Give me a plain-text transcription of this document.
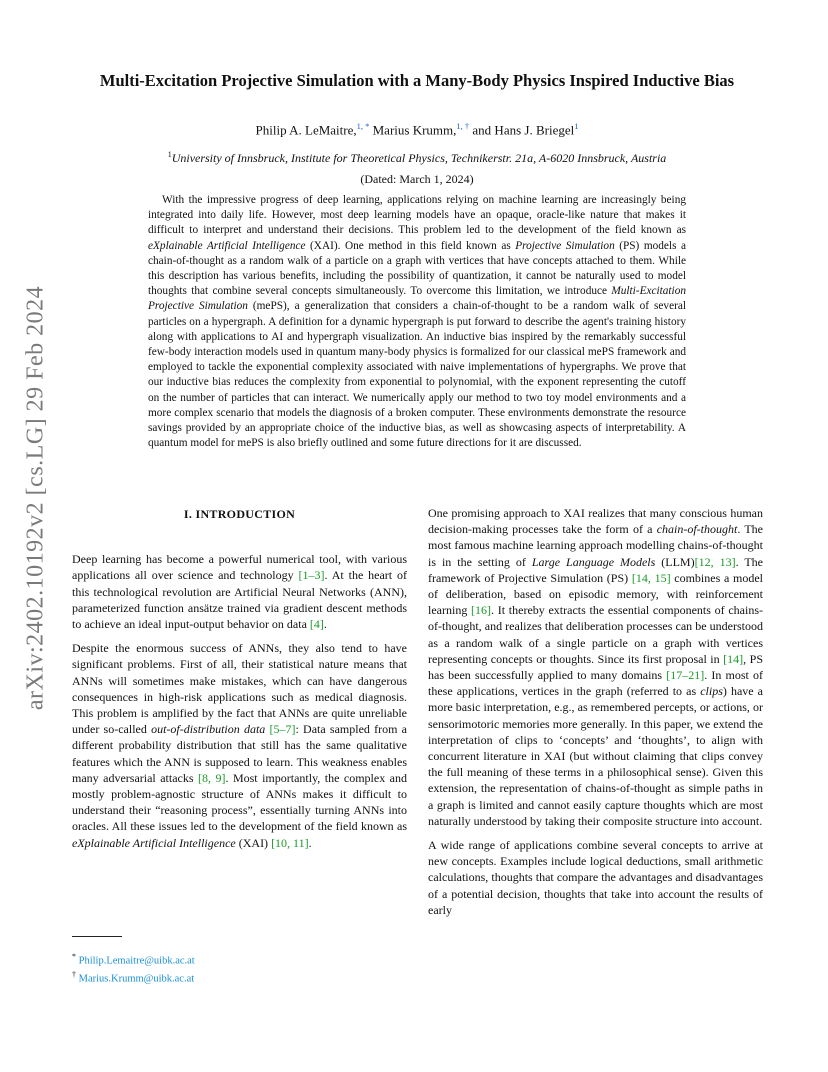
arXiv:2402.10192v2 [cs.LG] 29 Feb 2024
Multi-Excitation Projective Simulation with a Many-Body Physics Inspired Inductive Bias
Philip A. LeMaitre,$^{1, *}$ Marius Krumm,$^{1, \dagger}$ and Hans J. Briegel$^1$
$^1$University of Innsbruck, Institute for Theoretical Physics, Technikerstr. 21a, A-6020 Innsbruck, Austria
(Dated: March 1, 2024)

With the impressive progress of deep learning, applications relying on machine learning are increasingly being integrated into daily life. However, most deep learning models have an opaque, oracle-like nature that makes it difficult to interpret and understand their decisions. This problem led to the development of the field known as eXplainable Artificial Intelligence (XAI). One method in this field known as Projective Simulation (PS) models a chain-of-thought as a random walk of a particle on a graph with vertices that have concepts attached to them. While this description has various benefits, including the possibility of quantization, it cannot be naturally used to model thoughts that combine several concepts simultaneously. To overcome this limitation, we introduce Multi-Excitation Projective Simulation (mePS), a generalization that considers a chain-of-thought to be a random walk of several particles on a hypergraph. A definition for a dynamic hypergraph is put forward to describe the agent's training history along with applications to AI and hypergraph visualization. An inductive bias inspired by the remarkably successful few-body interaction models used in quantum many-body physics is formalized for our classical mePS framework and employed to tackle the exponential complexity associated with naive implementations of hypergraphs. We prove that our inductive bias reduces the complexity from exponential to polynomial, with the exponent representing the cutoff on the number of particles that can interact. We numerically apply our method to two toy model environments and a more complex scenario that models the diagnosis of a broken computer. These environments demonstrate the resource savings provided by an appropriate choice of the inductive bias, as well as showcasing aspects of interpretability. A quantum model for mePS is also briefly outlined and some future directions for it are discussed.

I. INTRODUCTION

Deep learning has become a powerful numerical tool, with various applications all over science and technology [1–3]. At the heart of this technological revolution are Artificial Neural Networks (ANN), parameterized function ansätze trained via gradient descent methods to achieve an ideal input-output behavior on data [4].

Despite the enormous success of ANNs, they also tend to have significant problems. First of all, their statistical nature means that ANNs will sometimes make mistakes, which can have dangerous consequences in high-risk applications such as medical diagnosis. This problem is amplified by the fact that ANNs are quite unreliable under so-called out-of-distribution data [5–7]: Data sampled from a different probability distribution that still has the same qualitative features which the ANN is supposed to learn. This weakness enables many adversarial attacks [8, 9]. Most importantly, the complex and mostly problem-agnostic structure of ANNs makes it difficult to understand their “reasoning process”, essentially turning ANNs into oracles. All these issues led to the development of the field known as eXplainable Artificial Intelligence (XAI) [10, 11].

One promising approach to XAI realizes that many conscious human decision-making processes take the form of a chain-of-thought. The most famous machine learning approach modelling chains-of-thought is in the setting of Large Language Models (LLM)[12, 13]. The framework of Projective Simulation (PS) [14, 15] combines a model of deliberation, based on episodic memory, with reinforcement learning [16]. It thereby extracts the essential components of chains-of-thought, and realizes that deliberation processes can be understood as a random walk of a single particle on a graph with vertices representing concepts or thoughts. Since its first proposal in [14], PS has been successfully applied to many domains [17–21]. In most of these applications, vertices in the graph (referred to as clips) have a more basic interpretation, e.g., as remembered percepts, or actions, or sensorimotoric memories more generally. In this paper, we extend the interpretation of clips to ‘concepts’ and ‘thoughts’, to align with concurrent literature in XAI (but without claiming that clips convey the full meaning of these terms in a philosophical sense). Given this extension, the representation of chains-of-thought as simple paths in a graph is limited and cannot easily capture thoughts which are most naturally understood by taking their composite structure into account.

A wide range of applications combine several concepts to arrive at new concepts. Examples include logical deductions, small arithmetic calculations, thoughts that compare the advantages and disadvantages of a potential decision, thoughts that take into account the results of early

* Philip.Lemaitre@uibk.ac.at

† Marius.Krumm@uibk.ac.at
